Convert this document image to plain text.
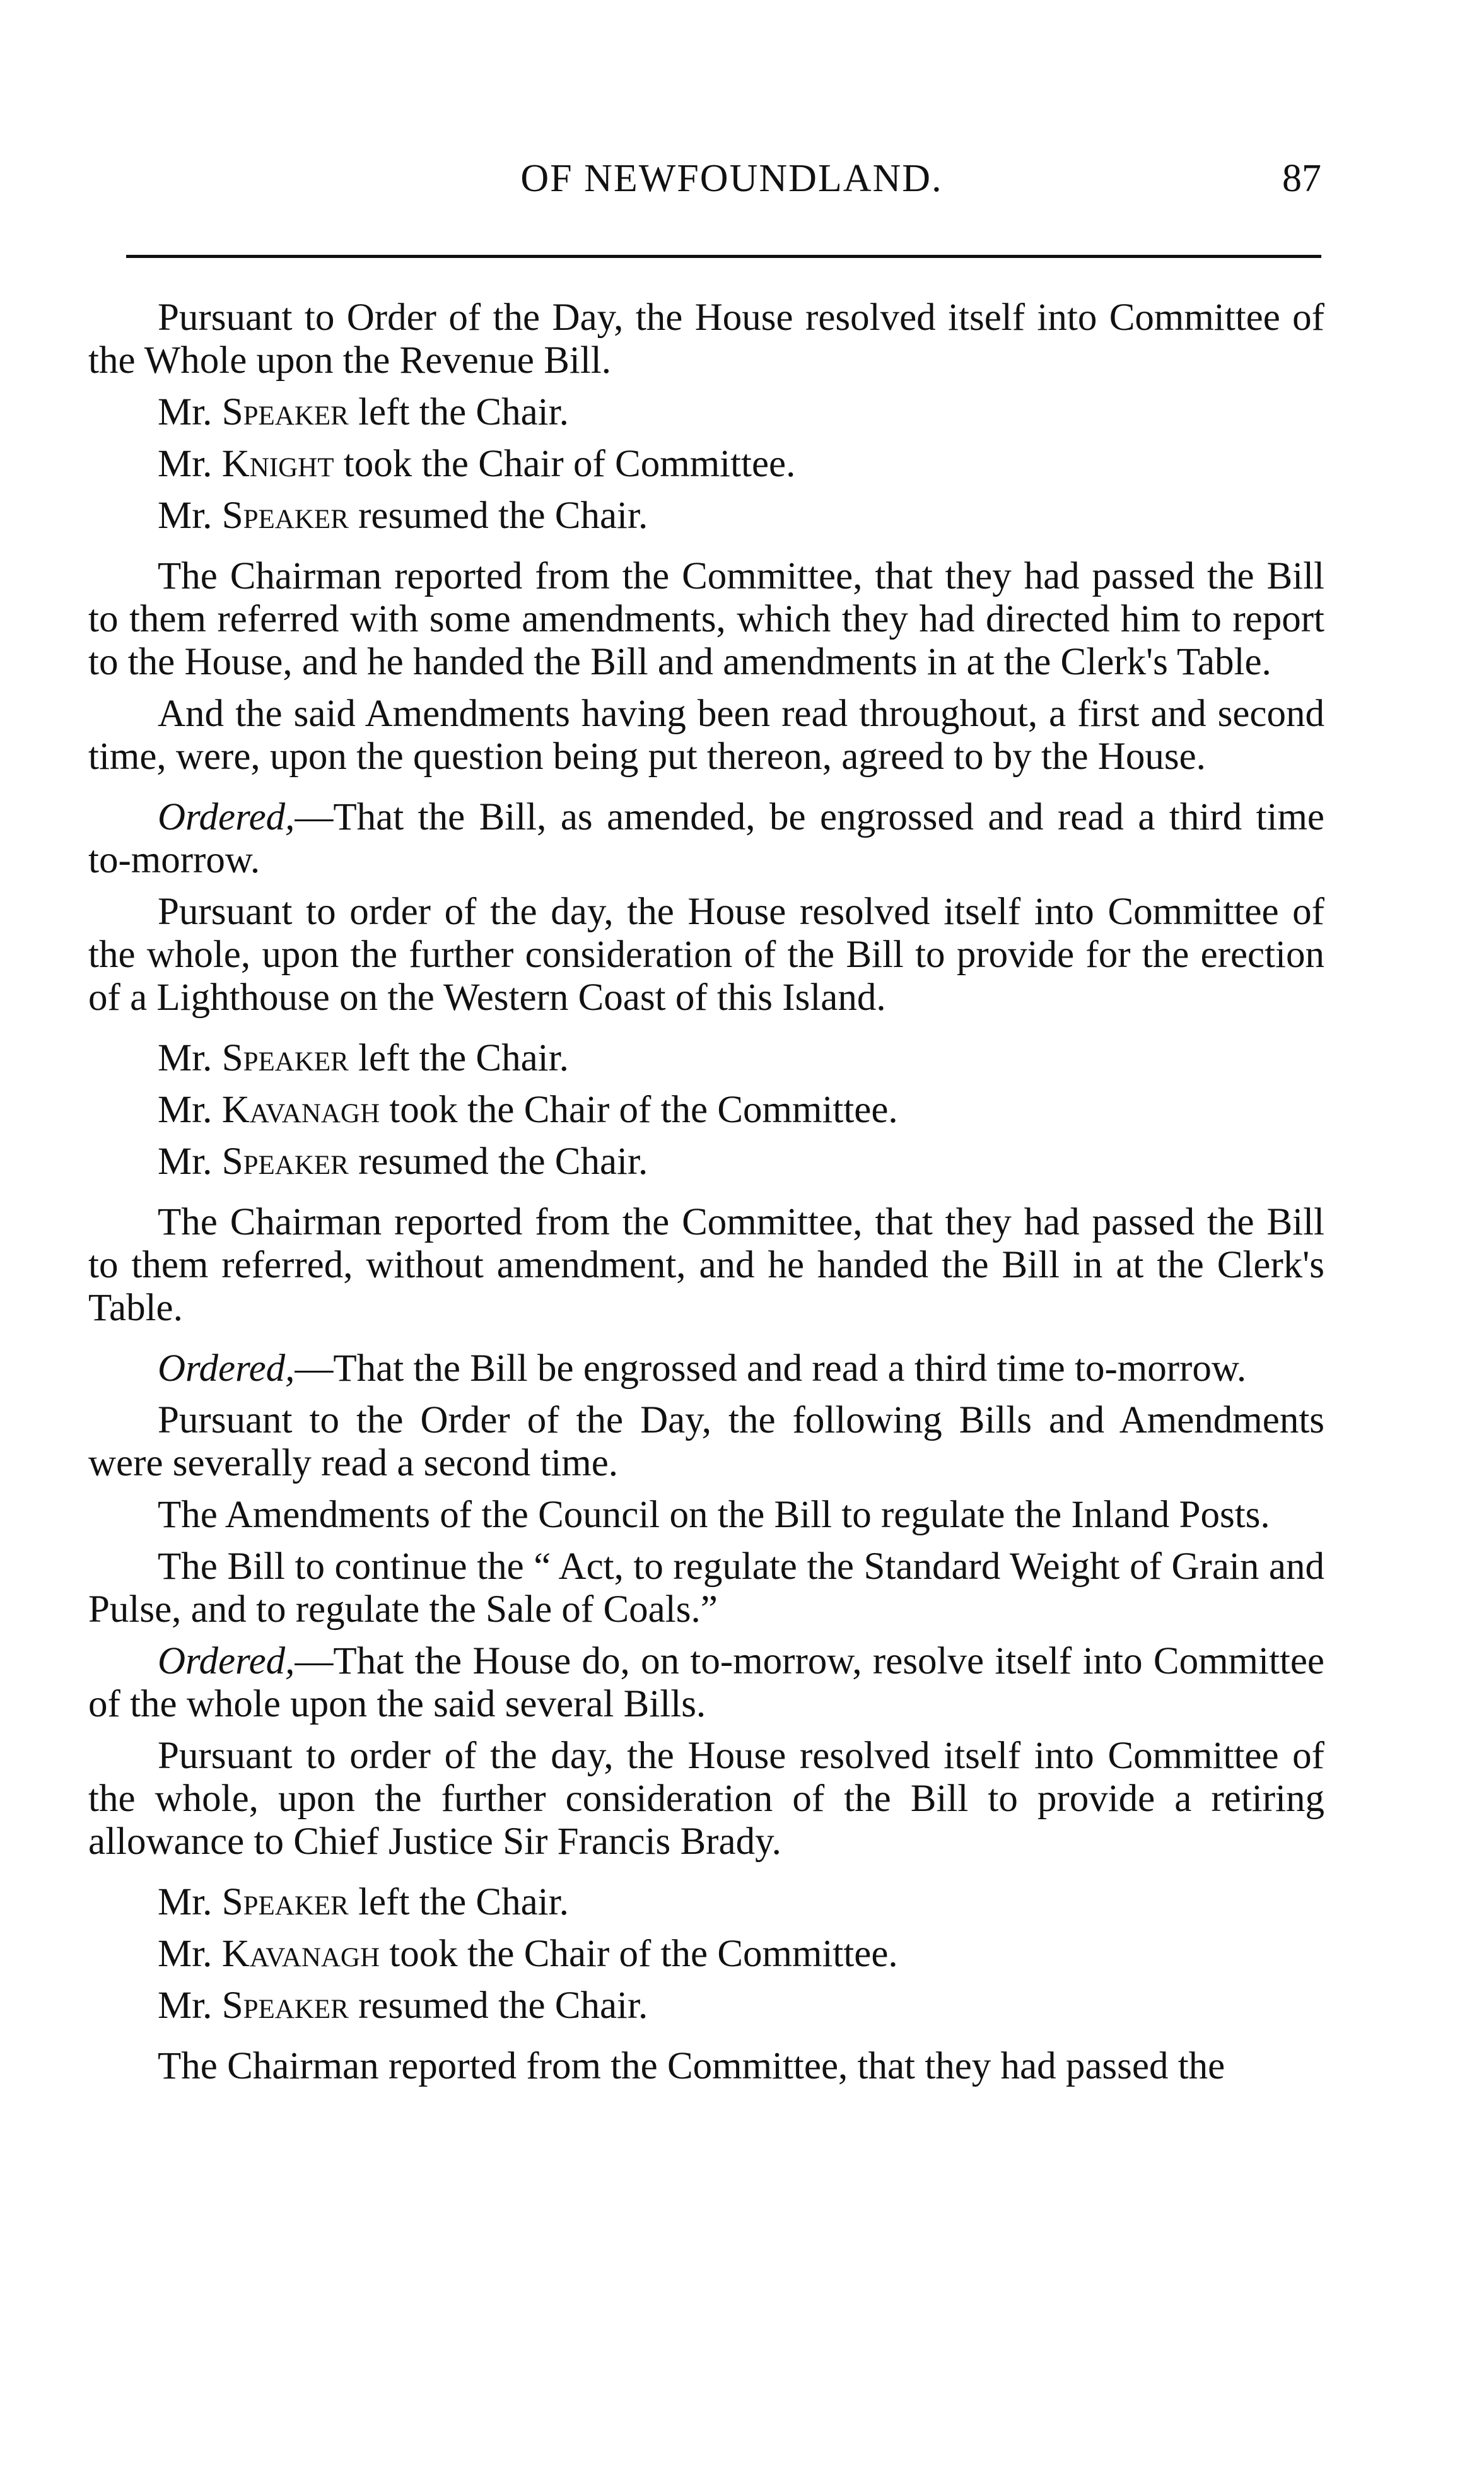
OF NEWFOUNDLAND.	87

Pursuant to Order of the Day, the House resolved itself into Committee of the Whole upon the Revenue Bill.

Mr. Speaker left the Chair.

Mr. Knight took the Chair of Committee.

Mr. Speaker resumed the Chair.

The Chairman reported from the Committee, that they had passed the Bill to them referred with some amendments, which they had directed him to report to the House, and he handed the Bill and amendments in at the Clerk's Table.

And the said Amendments having been read throughout, a first and second time, were, upon the question being put thereon, agreed to by the House.

Ordered,—That the Bill, as amended, be engrossed and read a third time to-morrow.

Pursuant to order of the day, the House resolved itself into Committee of the whole, upon the further consideration of the Bill to provide for the erection of a Lighthouse on the Western Coast of this Island.

Mr. Speaker left the Chair.

Mr. Kavanagh took the Chair of the Committee.

Mr. Speaker resumed the Chair.

The Chairman reported from the Committee, that they had passed the Bill to them referred, without amendment, and he handed the Bill in at the Clerk's Table.

Ordered,—That the Bill be engrossed and read a third time to-morrow.

Pursuant to the Order of the Day, the following Bills and Amendments were severally read a second time.

The Amendments of the Council on the Bill to regulate the Inland Posts.

The Bill to continue the “ Act, to regulate the Standard Weight of Grain and Pulse, and to regulate the Sale of Coals.”

Ordered,—That the House do, on to-morrow, resolve itself into Committee of the whole upon the said several Bills.

Pursuant to order of the day, the House resolved itself into Committee of the whole, upon the further consideration of the Bill to provide a retiring allowance to Chief Justice Sir Francis Brady.

Mr. Speaker left the Chair.

Mr. Kavanagh took the Chair of the Committee.

Mr. Speaker resumed the Chair.

The Chairman reported from the Committee, that they had passed the
